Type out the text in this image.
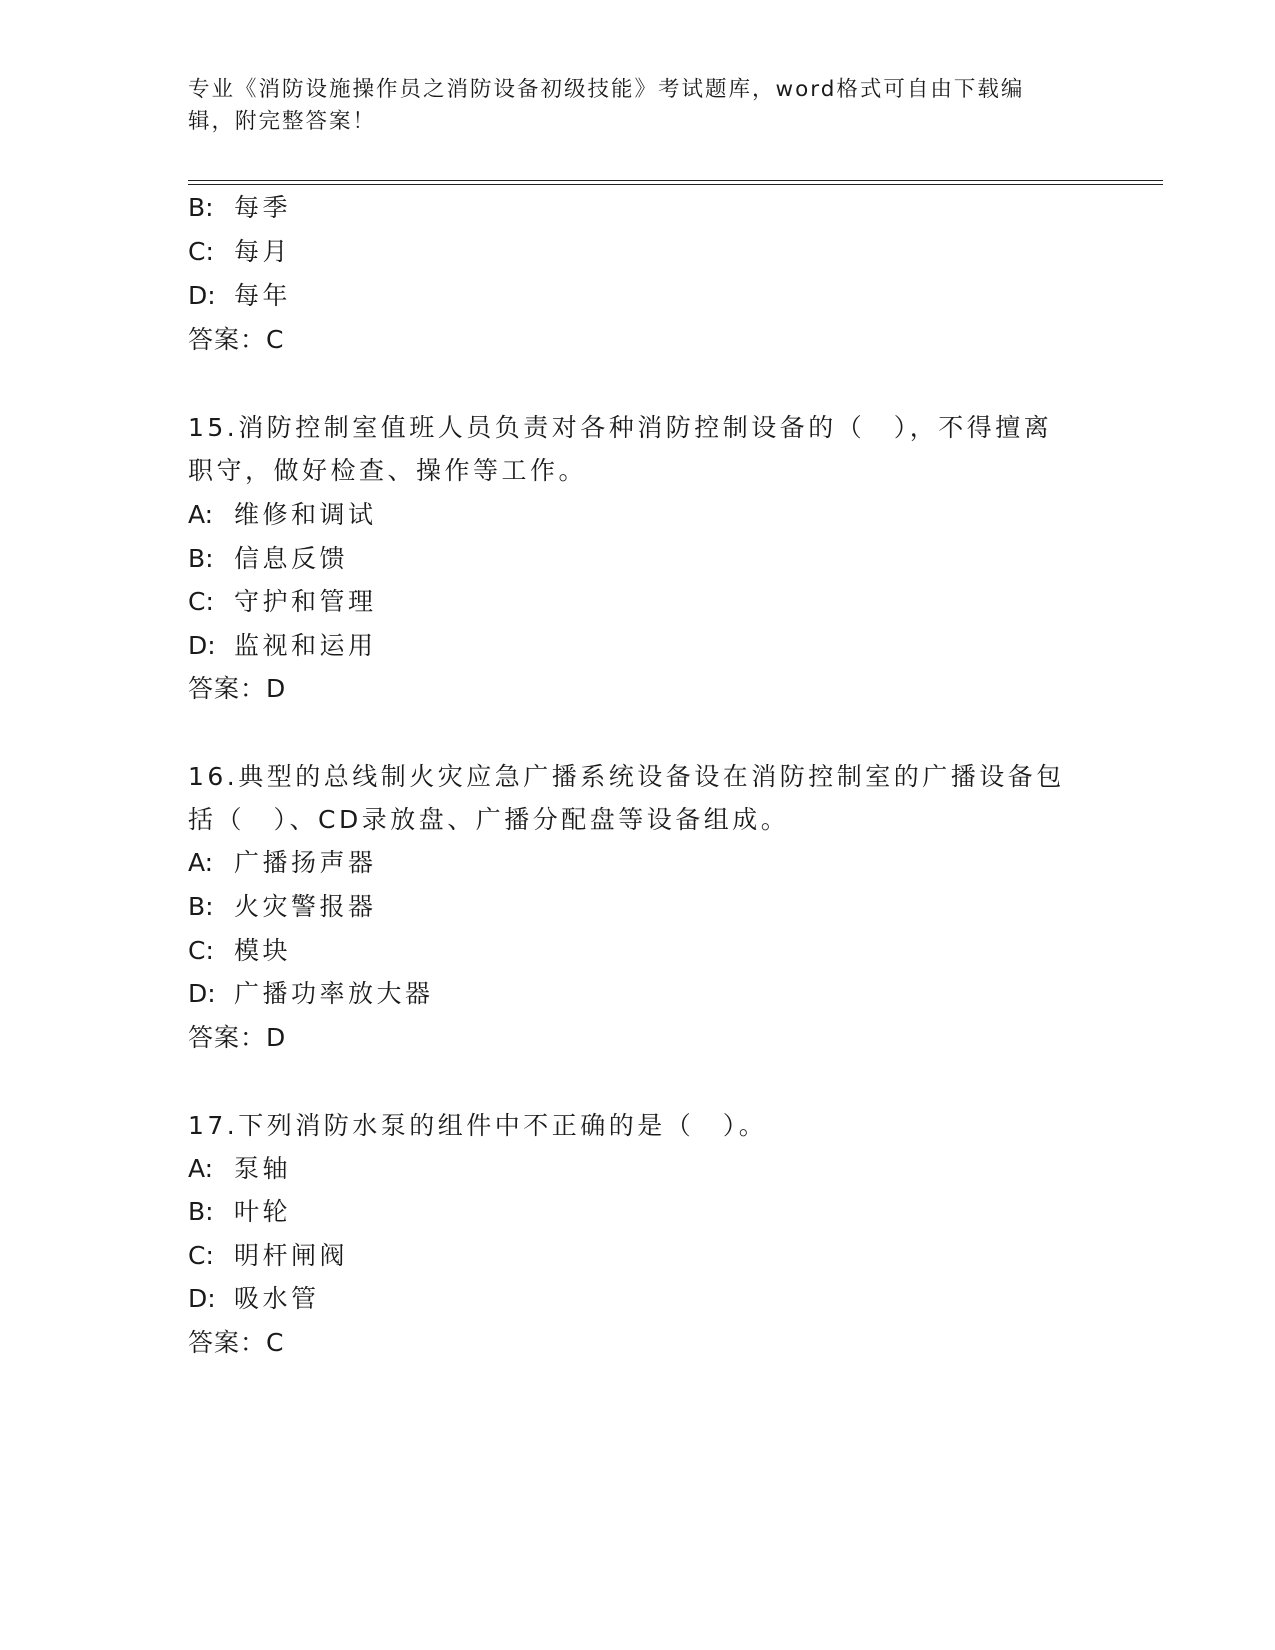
专业《消防设施操作员之消防设备初级技能》考试题库，word格式可自由下载编
辑，附完整答案！
B: 每季
C: 每月
D: 每年
答案：C
15.消防控制室值班人员负责对各种消防控制设备的（　），不得擅离
职守，做好检查、操作等工作。
A: 维修和调试
B: 信息反馈
C: 守护和管理
D: 监视和运用
答案：D
16.典型的总线制火灾应急广播系统设备设在消防控制室的广播设备包
括（　）、CD录放盘、广播分配盘等设备组成。
A: 广播扬声器
B: 火灾警报器
C: 模块
D: 广播功率放大器
答案：D
17.下列消防水泵的组件中不正确的是（　）。
A: 泵轴
B: 叶轮
C: 明杆闸阀
D: 吸水管
答案：C
